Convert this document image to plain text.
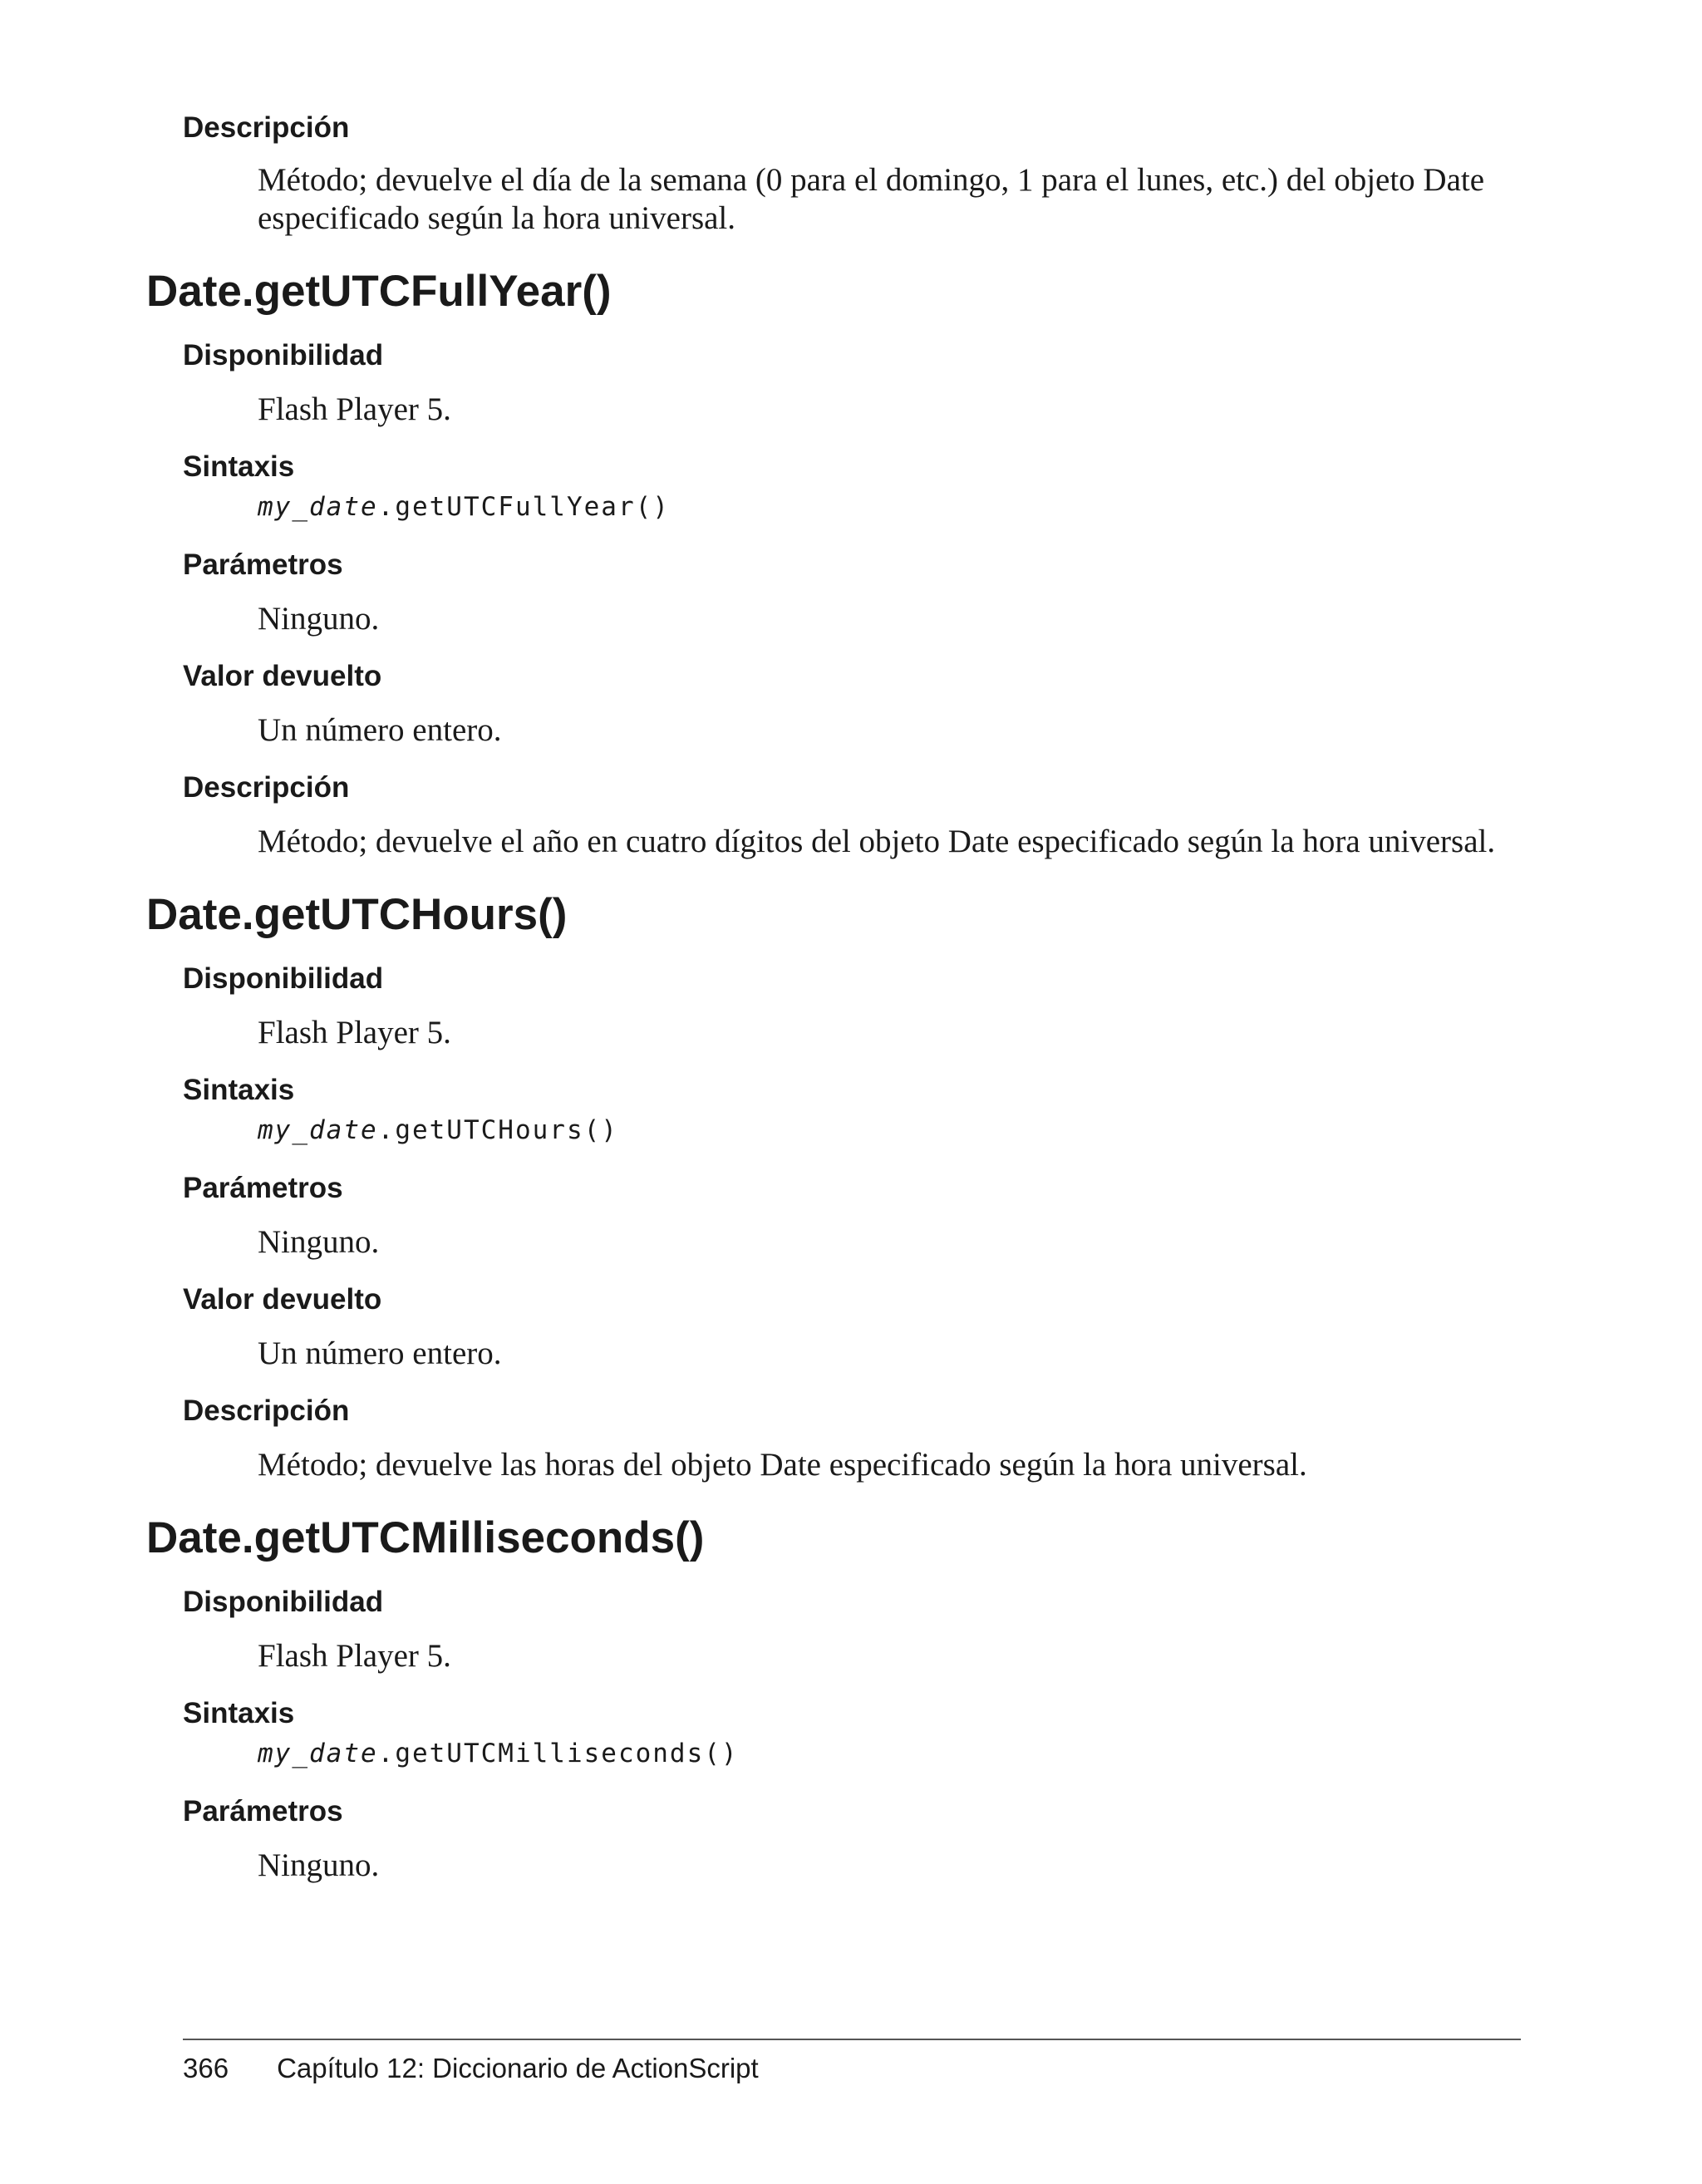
Descripción

Método; devuelve el día de la semana (0 para el domingo, 1 para el lunes, etc.) del objeto Date especificado según la hora universal.

Date.getUTCFullYear()
Disponibilidad

Flash Player 5.

Sintaxis
my_date.getUTCFullYear()
Parámetros

Ninguno.

Valor devuelto

Un número entero.

Descripción

Método; devuelve el año en cuatro dígitos del objeto Date especificado según la hora universal.

Date.getUTCHours()
Disponibilidad

Flash Player 5.

Sintaxis
my_date.getUTCHours()
Parámetros

Ninguno.

Valor devuelto

Un número entero.

Descripción

Método; devuelve las horas del objeto Date especificado según la hora universal.

Date.getUTCMilliseconds()
Disponibilidad

Flash Player 5.

Sintaxis
my_date.getUTCMilliseconds()
Parámetros

Ninguno.

366 Capítulo 12: Diccionario de ActionScript
